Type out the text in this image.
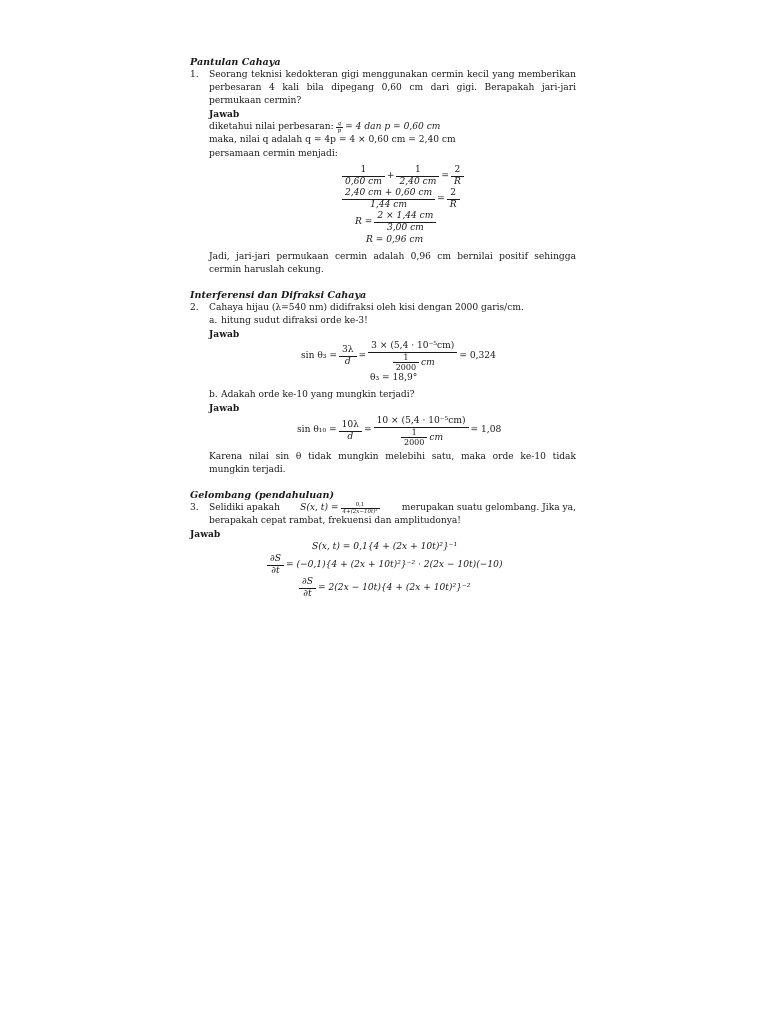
Pantulan Cahaya
1. Seorang teknisi kedokteran gigi menggunakan cermin kecil yang memberikan perbesaran 4 kali bila dipegang 0,60 cm dari gigi. Berapakah jari-jari permukaan cermin?
Jawab
diketahui nilai perbesaran: $\frac{q}{p} = 4$ dan p = 0,60 cm
maka, nilai q adalah q = 4p = 4 × 0,60 cm = 2,40 cm
persamaan cermin menjadi:
$\frac{1}{0,60 cm} + \frac{1}{2,40 cm} = \frac{2}{R}$
$\frac{2,40 cm + 0,60 cm}{1,44 cm} = \frac{2}{R}$
$R = \frac{2 \times 1,44 cm}{3,00 cm}$
R = 0,96 cm
Jadi, jari-jari permukaan cermin adalah 0,96 cm bernilai positif sehingga cermin haruslah cekung.
Interferensi dan Difraksi Cahaya
2. Cahaya hijau (λ=540 nm) didifraksi oleh kisi dengan 2000 garis/cm.
a. hitung sudut difraksi orde ke-3!
Jawab
$\sin \theta_3 = \frac{3\lambda}{d} = \frac{\text{3 × (5,4 · 10⁻⁵cm)}}{\frac{1}{2000} cm} = 0,324$
θ₃ = 18,9°
b. Adakah orde ke-10 yang mungkin terjadi?
Jawab
$\sin \theta_{10} = \frac{10\lambda}{d} = \frac{\text{10 × (5,4 · 10⁻⁵cm)}}{\frac{1}{2000} cm} = 1,08$
Karena nilai sin θ tidak mungkin melebihi satu, maka orde ke-10 tidak mungkin terjadi.
Gelombang (pendahuluan)
3. Selidiki apakah S(x, $t) = \frac{0,1}{\text{4+(2x−10t)²}}$ merupakan suatu gelombang. Jika ya,
berapakah cepat rambat, frekuensi dan amplitudonya!
Jawab
S(x, t) = 0,1{4 + (2x + 10t)²}⁻¹
$\frac{\partial S}{\partial t} = (-0,1)\{4 + (2x + 10t)^2\}^{-2} \cdot 2(2x - 10t)(-10)$
$\frac{\partial S}{\partial t} = 2(2x - 10t)\{4 + (2x + 10t)^2\}^{-2}$
